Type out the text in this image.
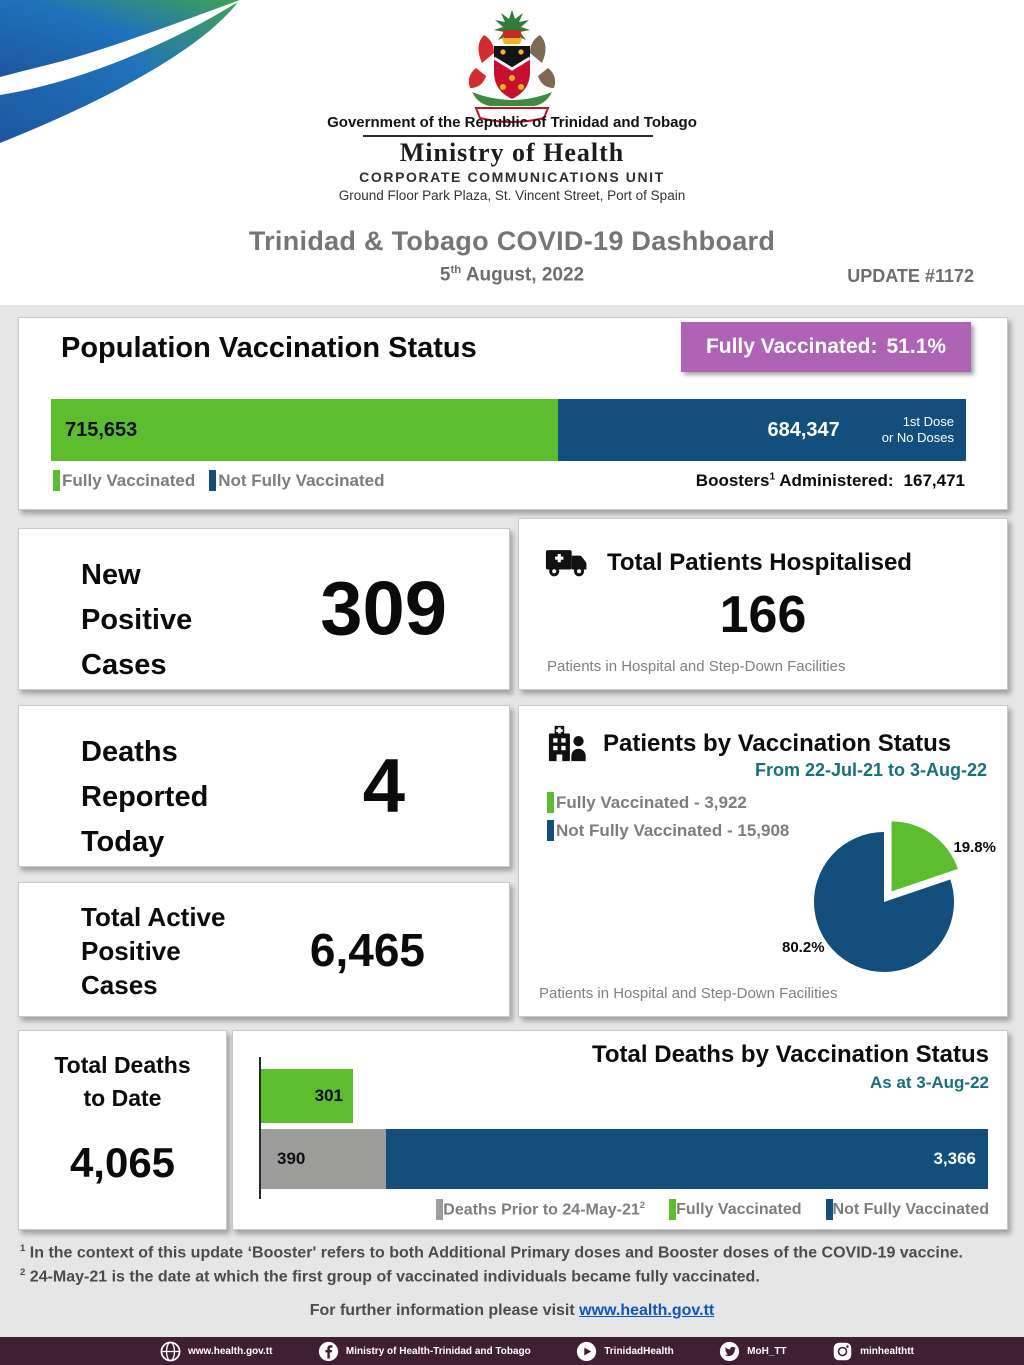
Government of the Republic of Trinidad and Tobago
Ministry of Health
CORPORATE COMMUNICATIONS UNIT
Ground Floor Park Plaza, St. Vincent Street, Port of Spain
Trinidad & Tobago COVID-19 Dashboard
5th August, 2022	UPDATE #1172
Population Vaccination Status	Fully Vaccinated: 51.1%
715,653	684,347	1st Dose
or No Doses
Fully Vaccinated Not Fully Vaccinated	Boosters$^1$ Administered: 167,471
New
Positive
Cases
309
Total Patients Hospitalised
166
Patients in Hospital and Step-Down Facilities
Deaths
Reported
Today
4	Patients by Vaccination Status
From 22-Jul-21 to 3-Aug-22
Fully Vaccinated - 3,922
Not Fully Vaccinated - 15,908
19.8%
80.2%
Patients in Hospital and Step-Down Facilities
Total Active
Positive
Cases
6,465
Total Deaths
to Date
4,065
Total Deaths by Vaccination Status
As at 3-Aug-22
301
390	3,366
Deaths Prior to $24-May-21^2$ Fully Vaccinated Not Fully Vaccinated
$^1$ In the context of this update ‘Booster' refers to both Additional Primary doses and Booster doses of the COVID-19 vaccine.
$^2$ 24-May-21 is the date at which the first group of vaccinated individuals became fully vaccinated.
For further information please visit www.health.gov.tt
www.health.gov.tt	Ministry of Health-Trinidad and Tobago	TrinidadHealth	MoH_TT	minhealthtt
